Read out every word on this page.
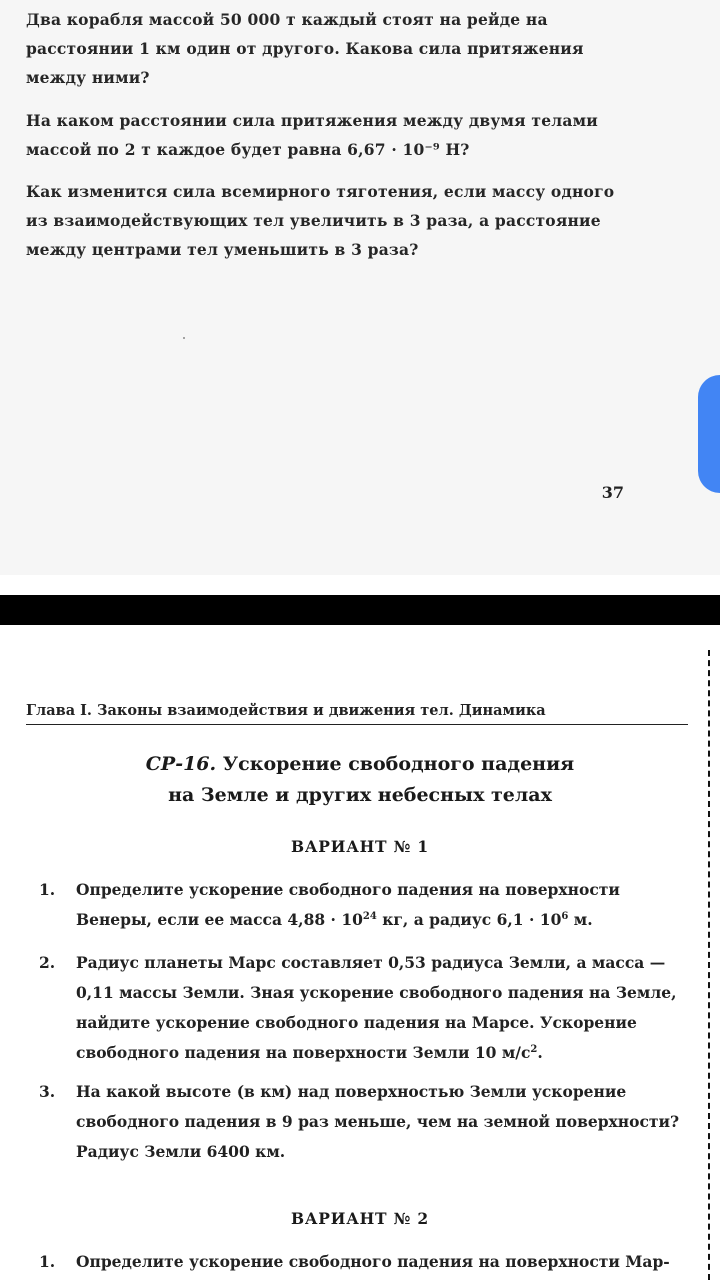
Два корабля массой 50 000 т каждый стоят на рейде на расстоянии 1 км один от другого. Какова сила притяжения между ними?
На каком расстоянии сила притяжения между двумя телами массой по 2 т каждое будет равна 6,67 · 10⁻⁹ Н?
Как изменится сила всемирного тяготения, если массу одного из взаимодействующих тел увеличить в 3 раза, а расстояние между центрами тел уменьшить в 3 раза?
37
Глава I. Законы взаимодействия и движения тел. Динамика
СР-16. Ускорение свободного падения
на Земле и других небесных телах
ВАРИАНТ № 1
1. Определите ускорение свободного падения на поверхности Венеры, если ее масса $4,88 \cdot 10^{24}$ кг, а радиус $6,1 \cdot 10^6$ м.
2. Радиус планеты Марс составляет 0,53 радиуса Земли, а масса — 0,11 массы Земли. Зная ускорение свободного падения на Земле, найдите ускорение свободного падения на Марсе. Ускорение свободного падения на поверхности Земли 10 $м/с^2$.
3. На какой высоте (в км) над поверхностью Земли ускорение свободного падения в 9 раз меньше, чем на земной поверхности? Радиус Земли 6400 км.
ВАРИАНТ № 2
1. Определите ускорение свободного падения на поверхности Мар-
